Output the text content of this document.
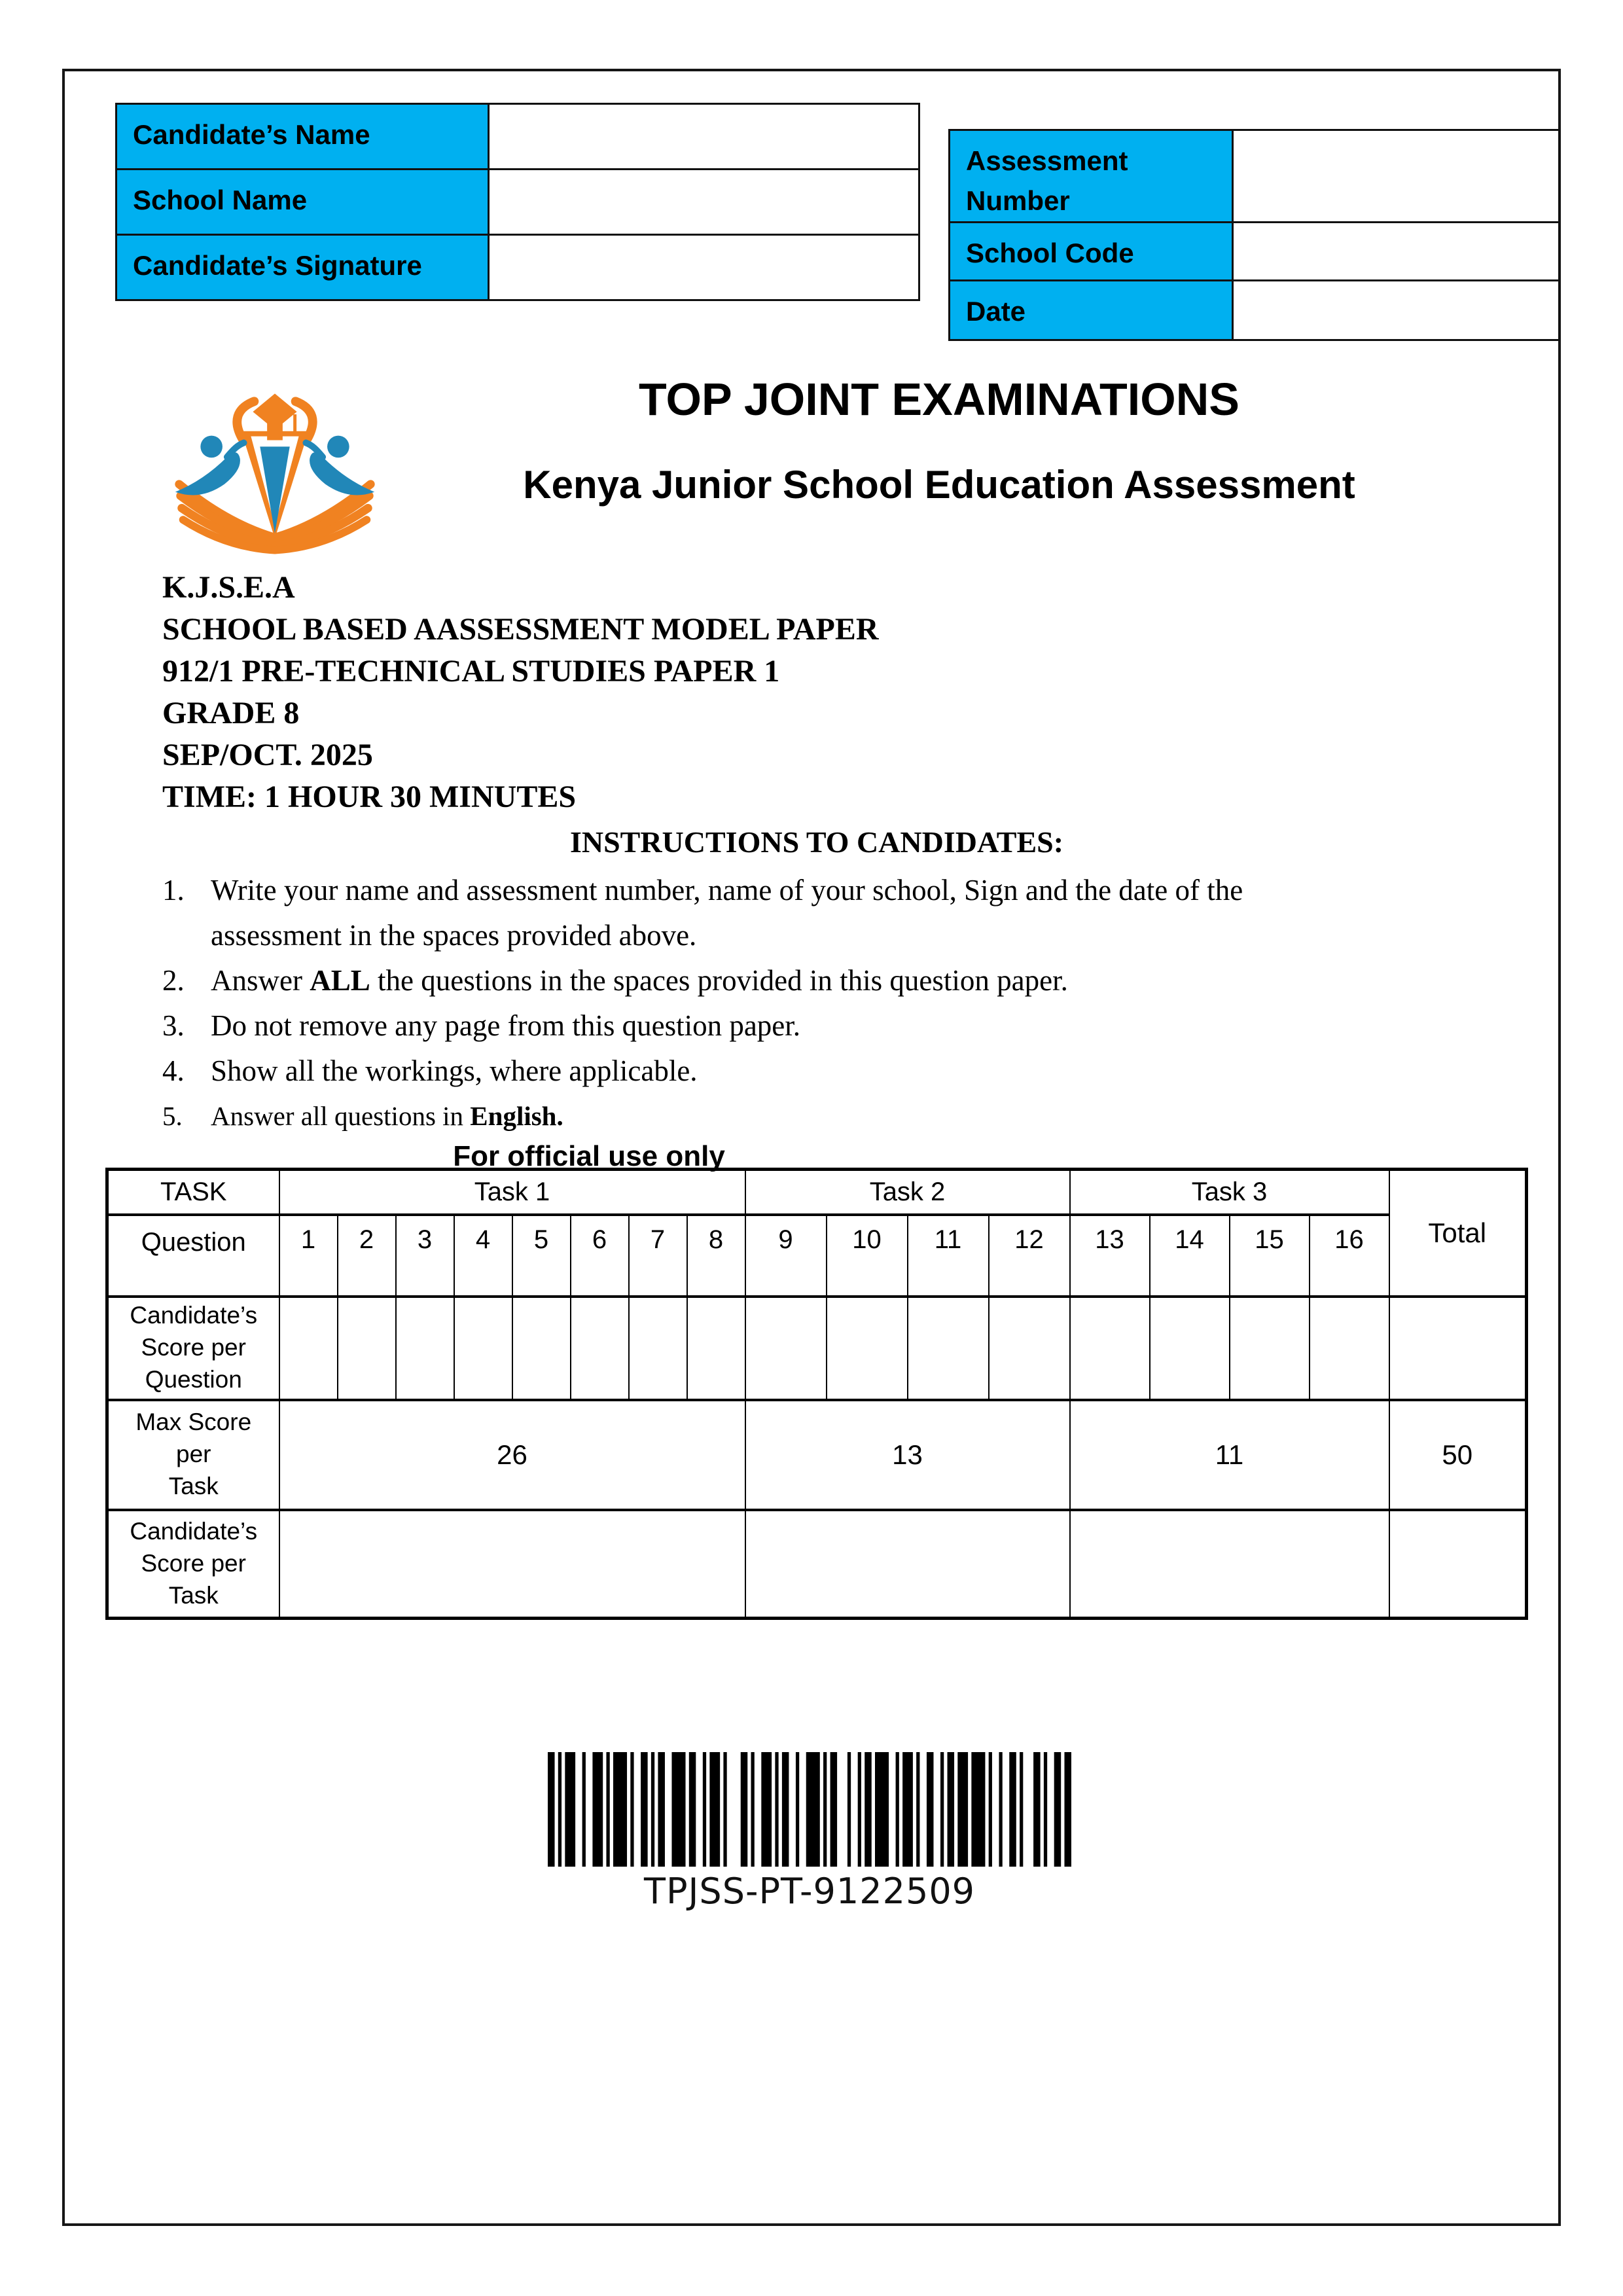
Candidate’s Name	
School Name	
Candidate’s Signature	
Assessment Number	
School Code	
Date	
TOP JOINT EXAMINATIONS
Kenya Junior School Education Assessment
K.J.S.E.A
SCHOOL BASED AASSESSMENT MODEL PAPER
912/1 PRE-TECHNICAL STUDIES PAPER 1
GRADE 8
SEP/OCT. 2025
TIME: 1 HOUR 30 MINUTES
INSTRUCTIONS TO CANDIDATES:
1. Write your name and assessment number, name of your school, Sign and the date of the
assessment in the spaces provided above.
2. Answer ALL the questions in the spaces provided in this question paper.
3. Do not remove any page from this question paper.
4. Show all the workings, where applicable.
5.	Answer all questions in English.
For official use only
TASK	Task 1								Task 2				Task 3				Total
Question	1	2	3	4	5	6	7	8	9	10	11	12	13	14	15	16	
Candidate’s
Score per
Question																	
Max Score
per
Task	26								13				11				50
Candidate’s
Score per
Task																	
TPJSS-PT-9122509
